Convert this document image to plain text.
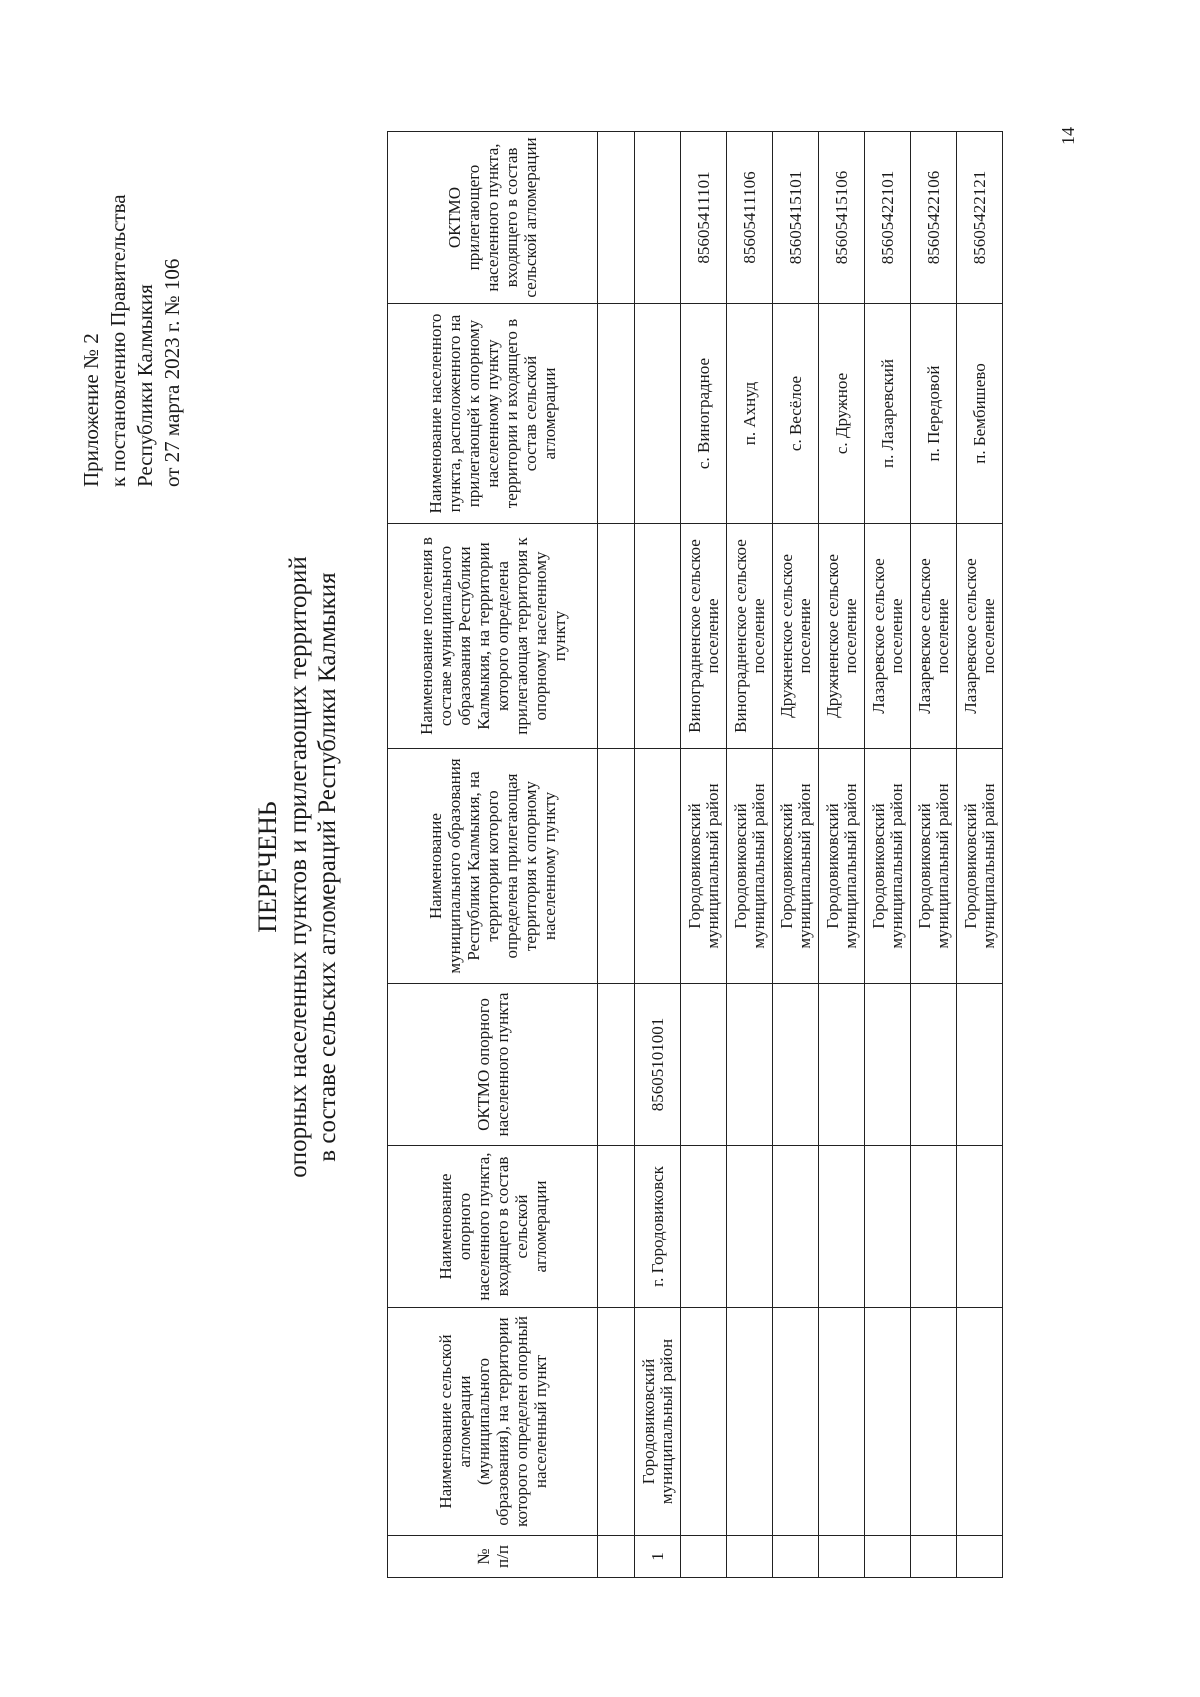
Приложение № 2 к постановлению Правительства Республики Калмыкия от 27 марта 2023 г. № 106
ПЕРЕЧЕНЬ опорных населенных пунктов и прилегающих территорий в составе сельских агломераций Республики Калмыкия
№ п/п	Наименование сельской агломерации (муниципального образования), на территории которого определен опорный населенный пункт	Наименование опорного населенного пункта, входящего в состав сельской агломерации	ОКТМО опорного населенного пункта	Наименование муниципального образования Республики Калмыкия, на территории которого определена прилегающая территория к опорному населенному пункту	Наименование поселения в составе муниципального образования Республики Калмыкия, на территории которого определена прилегающая территория к опорному населенному пункту	Наименование населенного пункта, расположенного на прилегающей к опорному населенному пункту территории и входящего в состав сельской агломерации	ОКТМО прилегающего населенного пункта, входящего в состав сельской агломерации

1	Городовиковский муниципальный район	г. Городовиковск	85605101001				
				Городовиковский муниципальный район	Виноградненское сельское поселение	с. Виноградное	85605411101
				Городовиковский муниципальный район	Виноградненское сельское поселение	п. Ахнуд	85605411106
				Городовиковский муниципальный район	Дружненское сельское поселение	с. Весёлое	85605415101
				Городовиковский муниципальный район	Дружненское сельское поселение	с. Дружное	85605415106
				Городовиковский муниципальный район	Лазаревское сельское поселение	п. Лазаревский	85605422101
				Городовиковский муниципальный район	Лазаревское сельское поселение	п. Передовой	85605422106
				Городовиковский муниципальный район	Лазаревское сельское поселение	п. Бембишево	85605422121
14
